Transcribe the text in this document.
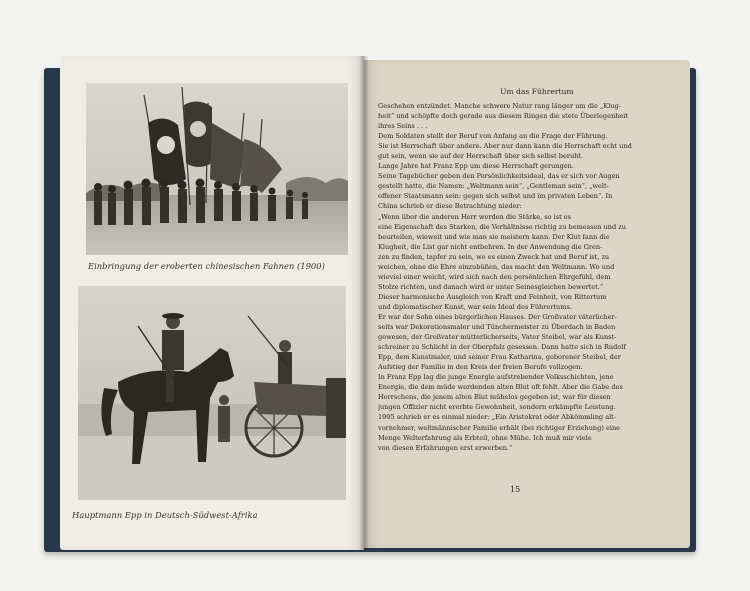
Einbringung der eroberten chinesischen Fahnen (1900)
Hauptmann Epp in Deutsch-Südwest-Afrika
Um das Führertum

Geschehen entzündet. Manche schwere Natur rang länger um die „Klug-

heit“ und schöpfte doch gerade aus diesem Ringen die stete Überlegenheit

ihres Seins . . .

Dem Soldaten stellt der Beruf von Anfang an die Frage der Führung.

Sie ist Herrschaft über andere. Aber nur dann kann die Herrschaft echt und

gut sein, wenn sie auf der Herrschaft über sich selbst beruht.

Lange Jahre hat Franz Epp um diese Herrschaft gerungen.

Seine Tagebücher geben den Persönlichkeitsideal, das er sich vor Augen

gestellt hatte, die Namen: „Weltmann sein“, „Gentleman sein“, „welt-

offener Staatsmann sein: gegen sich selbst und im privaten Leben“. In

China schrieb er diese Betrachtung nieder:

„Wenn über die anderen Herr werden die Stärke, so ist es

eine Eigenschaft des Starken, die Verhältnisse richtig zu bemessen und zu

beurteilen, wieweit und wie man sie meistern kann. Der Klut fann die

Klugheit, die List gar nicht entbehren. In der Anwendung die Gren-

zen zu finden, tapfer zu sein, wo es einen Zweck hat und Beruf ist, zu

weichen, ohne die Ehre einzubüßen, das macht den Weltmann. Wo und

wieviel einer weicht, wird sich nach den persönlichen Ehrgefühl, dem

Stolze richten, und danach wird er unter Seinesgleichen bewertet.“

Dieser harmonische Ausgleich von Kraft und Feinheit, von Rittertum

und diplomatischer Kunst, war sein Ideal des Führertums.

Er war der Sohn eines bürgerlichen Hauses. Der Großvater väterlicher-

seits war Dekorationsmaler und Tünchermeister zu Überdach in Baden

gewesen, der Großvater mütterlicherseits, Vater Steibel, war als Kunst-

schreiner zu Schlicht in der Oberpfalz gesessen. Dann hatte sich in Rudolf

Epp, dem Kunstmaler, und seiner Frau Katharina, geborener Steibel, der

Aufstieg der Familie in den Kreis der freien Berufe vollzogen.

In Franz Epp lag die junge Energie aufstrebender Volksschichten, jene

Energie, die dem müde werdenden alten Blut oft fehlt. Aber die Gabe des

Herrschens, die jenem alten Blut mühelos gegeben ist, war für diesen

jungen Offizier nicht ererbte Gewohnheit, sondern erkämpfte Leistung.

1905 schrieb er es einmal nieder: „Ein Aristokrat oder Abkömmling alt-

vornehmer, weltmännischer Familie erhält (bei richtiger Erziehung) eine

Menge Welterfahrung als Erbteil, ohne Mühe. Ich muß mir viele

von diesen Erfahrungen erst erwerben.“

15
